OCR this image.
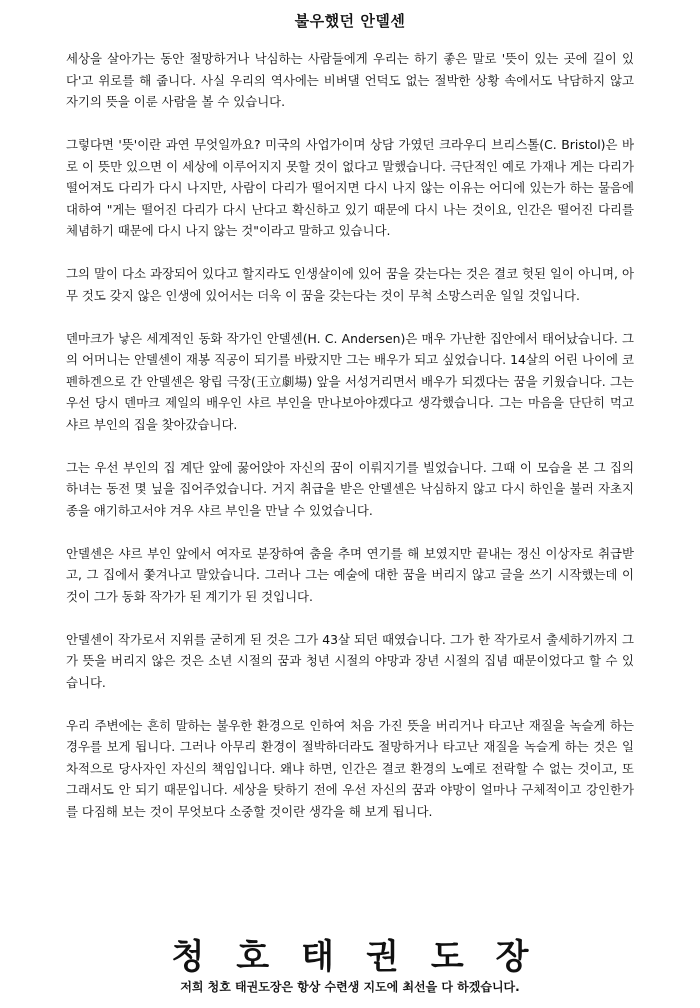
불우했던 안델센

세상을 살아가는 동안 절망하거나 낙심하는 사람들에게 우리는 하기 좋은 말로 '뜻이 있는 곳에 길이 있다'고 위로를 해 줍니다. 사실 우리의 역사에는 비벼댈 언덕도 없는 절박한 상황 속에서도 낙담하지 않고 자기의 뜻을 이룬 사람을 볼 수 있습니다.

그렇다면 '뜻'이란 과연 무엇일까요? 미국의 사업가이며 상담 가였던 크라우디 브리스톨(C. Bristol)은 바로 이 뜻만 있으면 이 세상에 이루어지지 못할 것이 없다고 말했습니다. 극단적인 예로 가재나 게는 다리가 떨어져도 다리가 다시 나지만, 사람이 다리가 떨어지면 다시 나지 않는 이유는 어디에 있는가 하는 물음에 대하여 "게는 떨어진 다리가 다시 난다고 확신하고 있기 때문에 다시 나는 것이요, 인간은 떨어진 다리를 체념하기 때문에 다시 나지 않는 것"이라고 말하고 있습니다.

그의 말이 다소 과장되어 있다고 할지라도 인생살이에 있어 꿈을 갖는다는 것은 결코 헛된 일이 아니며, 아무 것도 갖지 않은 인생에 있어서는 더욱 이 꿈을 갖는다는 것이 무척 소망스러운 일일 것입니다.

덴마크가 낳은 세계적인 동화 작가인 안델센(H. C. Andersen)은 매우 가난한 집안에서 태어났습니다. 그의 어머니는 안델센이 재봉 직공이 되기를 바랐지만 그는 배우가 되고 싶었습니다. 14살의 어린 나이에 코펜하겐으로 간 안델센은 왕립 극장(王立劇場) 앞을 서성거리면서 배우가 되겠다는 꿈을 키웠습니다. 그는 우선 당시 덴마크 제일의 배우인 샤르 부인을 만나보아야겠다고 생각했습니다. 그는 마음을 단단히 먹고 샤르 부인의 집을 찾아갔습니다.

그는 우선 부인의 집 계단 앞에 꿇어앉아 자신의 꿈이 이뤄지기를 빌었습니다. 그때 이 모습을 본 그 집의 하녀는 동전 몇 닢을 집어주었습니다. 거지 취급을 받은 안델센은 낙심하지 않고 다시 하인을 불러 자초지종을 얘기하고서야 겨우 샤르 부인을 만날 수 있었습니다.

안델센은 샤르 부인 앞에서 여자로 분장하여 춤을 추며 연기를 해 보였지만 끝내는 정신 이상자로 취급받고, 그 집에서 쫓겨나고 말았습니다. 그러나 그는 예술에 대한 꿈을 버리지 않고 글을 쓰기 시작했는데 이것이 그가 동화 작가가 된 계기가 된 것입니다.

안델센이 작가로서 지위를 굳히게 된 것은 그가 43살 되던 때였습니다. 그가 한 작가로서 출세하기까지 그가 뜻을 버리지 않은 것은 소년 시절의 꿈과 청년 시절의 야망과 장년 시절의 집념 때문이었다고 할 수 있습니다.

우리 주변에는 흔히 말하는 불우한 환경으로 인하여 처음 가진 뜻을 버리거나 타고난 재질을 녹슬게 하는 경우를 보게 됩니다. 그러나 아무리 환경이 절박하더라도 절망하거나 타고난 재질을 녹슬게 하는 것은 일차적으로 당사자인 자신의 책임입니다. 왜냐 하면, 인간은 결코 환경의 노예로 전락할 수 없는 것이고, 또 그래서도 안 되기 때문입니다. 세상을 탓하기 전에 우선 자신의 꿈과 야망이 얼마나 구체적이고 강인한가를 다짐해 보는 것이 무엇보다 소중할 것이란 생각을 해 보게 됩니다.

청호태권도장
저희 청호 태권도장은 항상 수련생 지도에 최선을 다 하겠습니다.
